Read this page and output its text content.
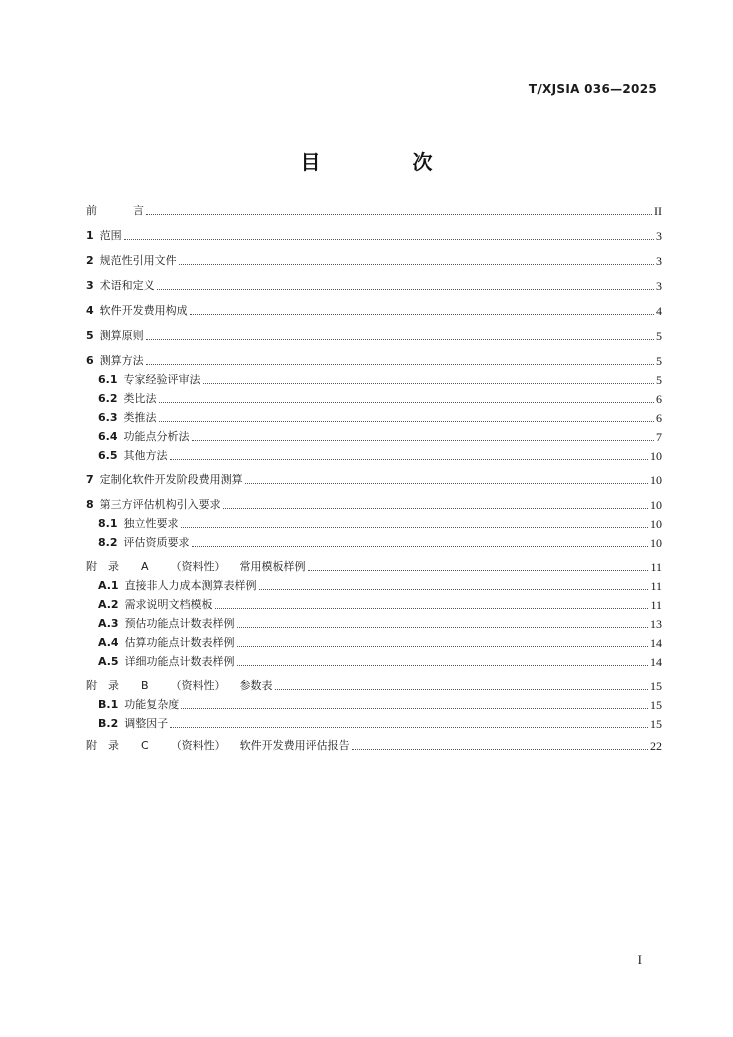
T/XJSIA 036—2025
目　次
前	言	II
1 范围	3
2 规范性引用文件	3
3 术语和定义	3
4 软件开发费用构成	4
5 测算原则	5
6 测算方法	5
6.1 专家经验评审法	5
6.2 类比法	6
6.3 类推法	6
6.4 功能点分析法	7
6.5 其他方法	10
7 定制化软件开发阶段费用测算	10
8 第三方评估机构引入要求	10
8.1 独立性要求	10
8.2 评估资质要求	10
附　录 A （资料性） 常用模板样例	11
A.1 直接非人力成本测算表样例	11
A.2 需求说明文档模板	11
A.3 预估功能点计数表样例	13
A.4 估算功能点计数表样例	14
A.5 详细功能点计数表样例	14
附　录 B （资料性） 参数表	15
B.1 功能复杂度	15
B.2 调整因子	15
附　录 C （资料性） 软件开发费用评估报告	22
I
